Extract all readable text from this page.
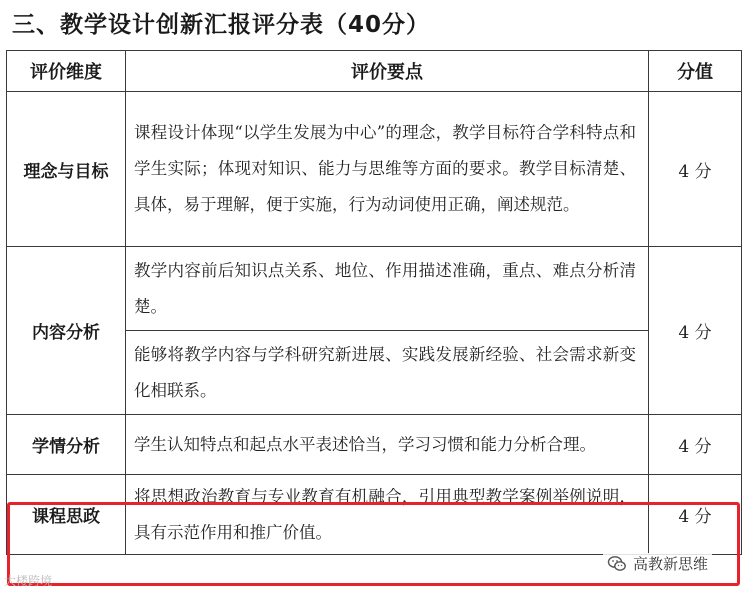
三、教学设计创新汇报评分表（40分）
评价维度	评价要点	分值
理念与目标	课程设计体现“以学生发展为中心”的理念，教学目标符合学科特点和学生实际；体现对知识、能力与思维等方面的要求。教学目标清楚、具体，易于理解，便于实施，行为动词使用正确，阐述规范。	4 分
内容分析	教学内容前后知识点关系、地位、作用描述准确，重点、难点分析清楚。	4 分
	能够将教学内容与学科研究新进展、实践发展新经验、社会需求新变化相联系。	
学情分析	学生认知特点和起点水平表述恰当，学习习惯和能力分析合理。	4 分
课程思政	将思想政治教育与专业教育有机融合，引用典型教学案例举例说明，具有示范作用和推广价值。	4 分
大楼跨境
高教新思维
